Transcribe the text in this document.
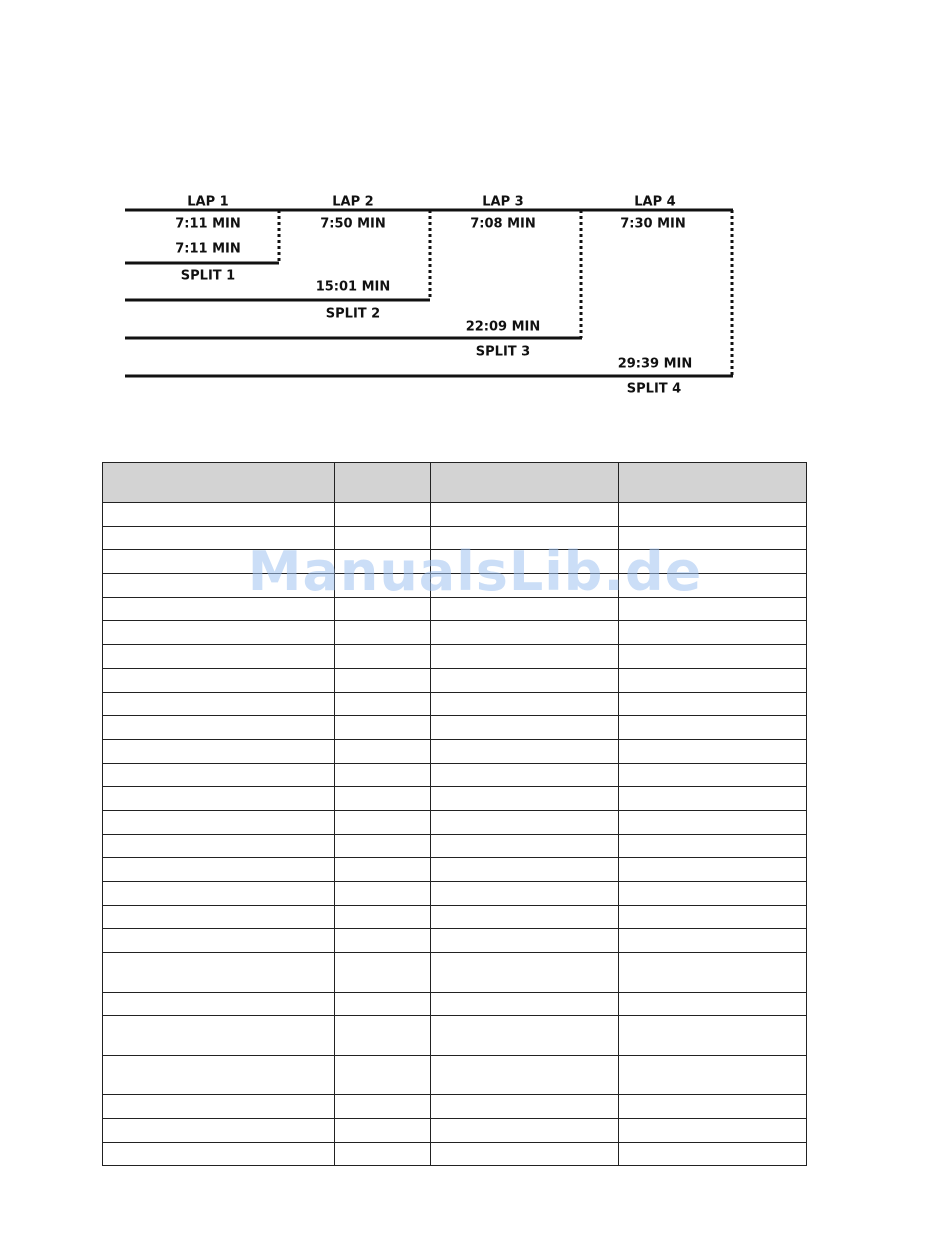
LAP 1	LAP 2	LAP 3	LAP 4
7:11 MIN	7:50 MIN	7:08 MIN	7:30 MIN
7:11 MIN
SPLIT 1
15:01 MIN
SPLIT 2
22:09 MIN
SPLIT 3
29:39 MIN
SPLIT 4
ManualsLib.de
